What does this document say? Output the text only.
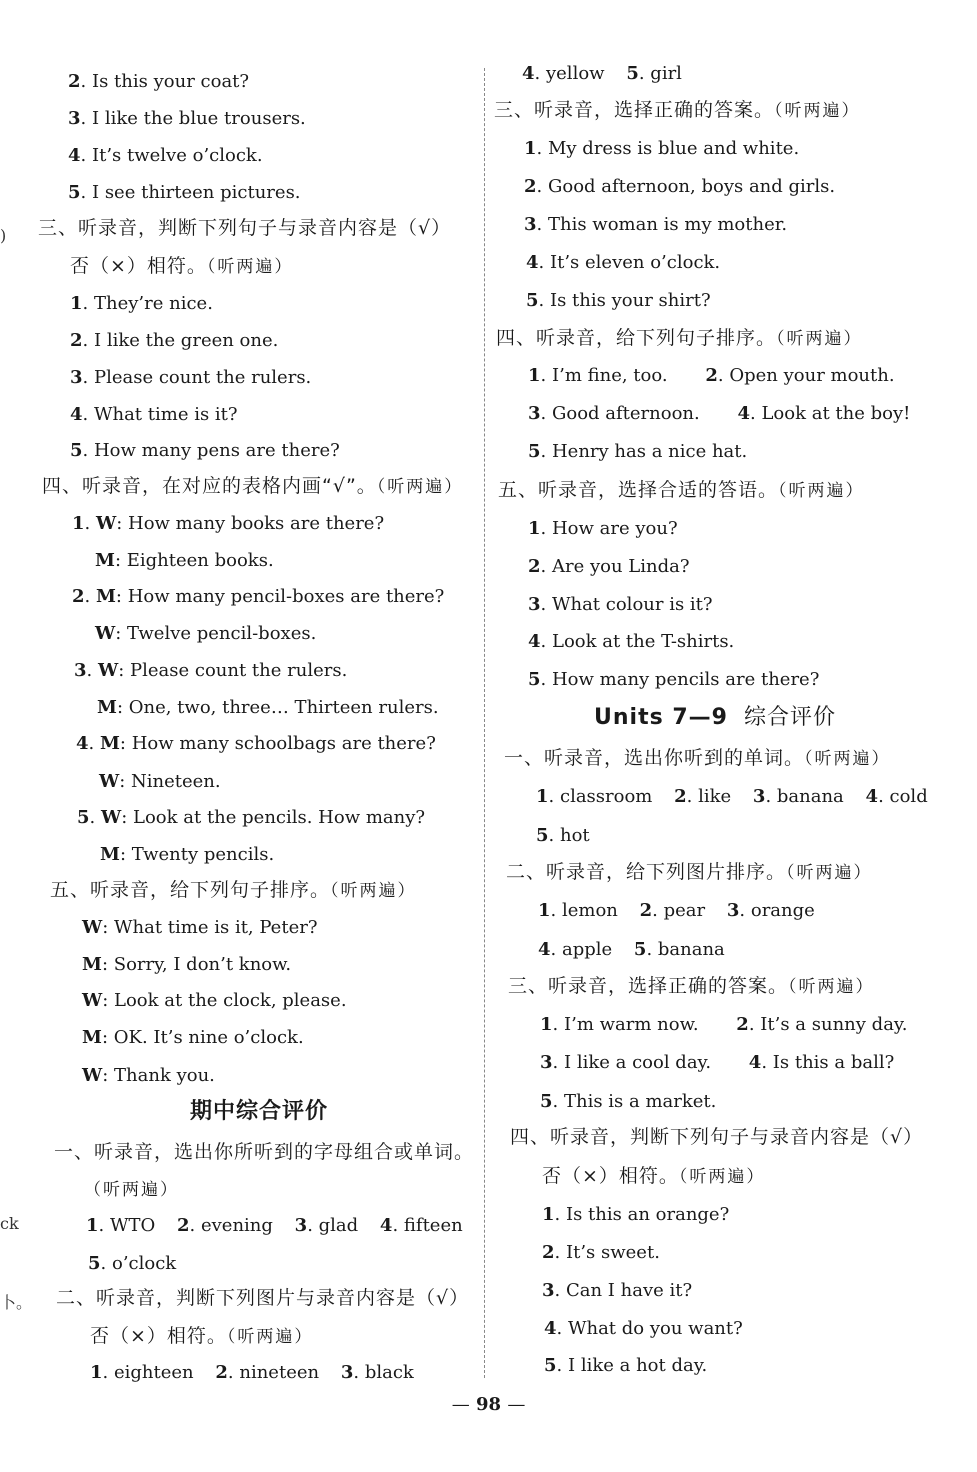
2. Is this your coat?
3. I like the blue trousers.
4. It’s twelve o’clock.
5. I see thirteen pictures.
三、听录音，判断下列句子与录音内容是（√）
否（×）相符。（听两遍）
1. They’re nice.
2. I like the green one.
3. Please count the rulers.
4. What time is it?
5. How many pens are there?
四、听录音，在对应的表格内画“√”。（听两遍）
1. W: How many books are there?
M: Eighteen books.
2. M: How many pencil-boxes are there?
W: Twelve pencil-boxes.
3. W: Please count the rulers.
M: One, two, three… Thirteen rulers.
4. M: How many schoolbags are there?
W: Nineteen.
5. W: Look at the pencils. How many?
M: Twenty pencils.
五、听录音，给下列句子排序。（听两遍）
W: What time is it, Peter?
M: Sorry, I don’t know.
W: Look at the clock, please.
M: OK. It’s nine o’clock.
W: Thank you.
期中综合评价
一、听录音，选出你所听到的字母组合或单词。
（听两遍）
1. WTO 2. evening 3. glad 4. fifteen
5. o’clock
二、听录音，判断下列图片与录音内容是（√）
否（×）相符。（听两遍）
1. eighteen 2. nineteen 3. black
)
ck
卜。
4. yellow 5. girl
三、听录音，选择正确的答案。（听两遍）
1. My dress is blue and white.
2. Good afternoon, boys and girls.
3. This woman is my mother.
4. It’s eleven o’clock.
5. Is this your shirt?
四、听录音，给下列句子排序。（听两遍）
1. I’m fine, too. 2. Open your mouth.
3. Good afternoon. 4. Look at the boy!
5. Henry has a nice hat.
五、听录音，选择合适的答语。（听两遍）
1. How are you?
2. Are you Linda?
3. What colour is it?
4. Look at the T-shirts.
5. How many pencils are there?
Units 7—9 综合评价
一、听录音，选出你听到的单词。（听两遍）
1. classroom 2. like 3. banana 4. cold
5. hot
二、听录音，给下列图片排序。（听两遍）
1. lemon 2. pear 3. orange
4. apple 5. banana
三、听录音，选择正确的答案。（听两遍）
1. I’m warm now. 2. It’s a sunny day.
3. I like a cool day. 4. Is this a ball?
5. This is a market.
四、听录音，判断下列句子与录音内容是（√）
否（×）相符。（听两遍）
1. Is this an orange?
2. It’s sweet.
3. Can I have it?
4. What do you want?
5. I like a hot day.
— 98 —
